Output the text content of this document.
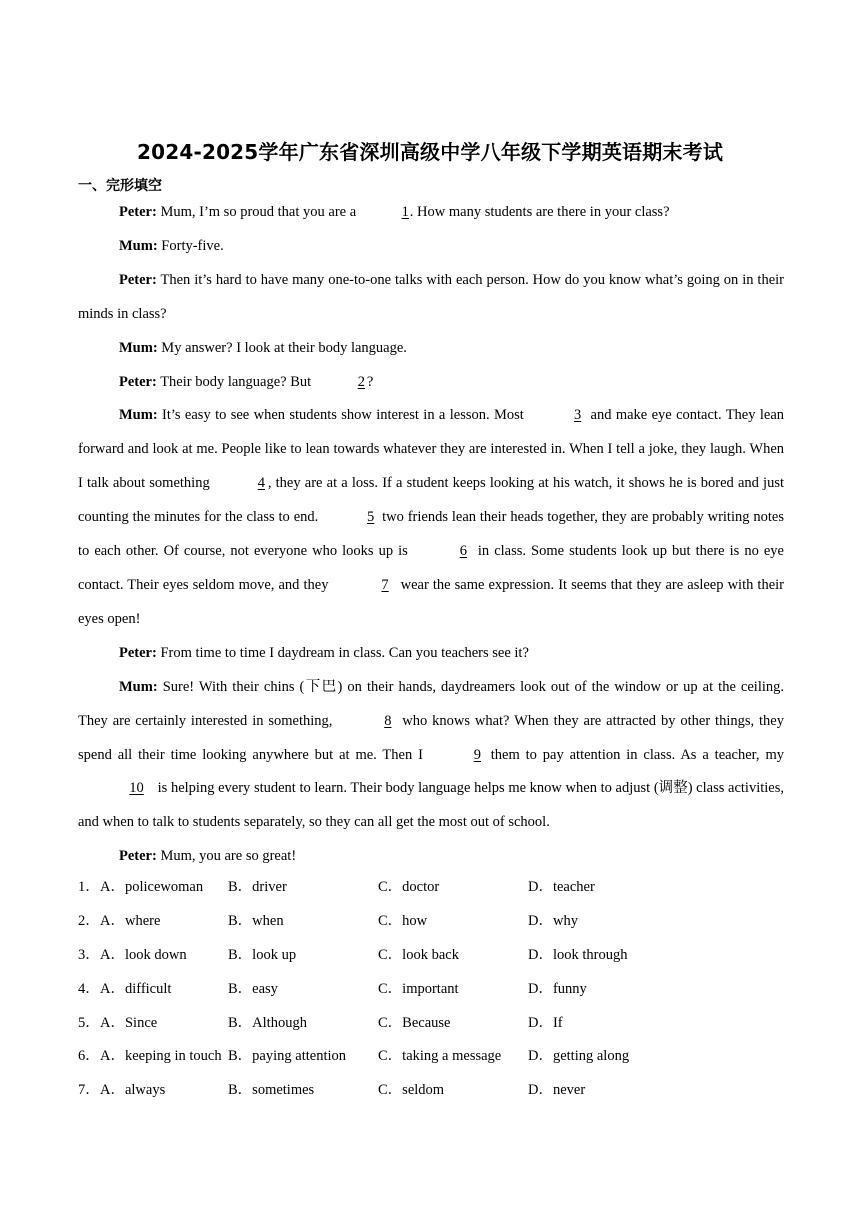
2024-2025学年广东省深圳高级中学八年级下学期英语期末考试
一、完形填空

Peter: Mum, I’m so proud that you are a	1. How many students are there in your class?

Mum: Forty-five.

Peter: Then it’s hard to have many one-to-one talks with each person. How do you know what’s going on in their minds in class?

Mum: My answer? I look at their body language.

Peter: Their body language? But	2 ?

Mum: It’s easy to see when students show interest in a lesson. Most	3 and make eye contact. They lean forward and look at me. People like to lean towards whatever they are interested in. When I tell a joke, they laugh. When I talk about something	4 , they are at a loss. If a student keeps looking at his watch, it shows he is bored and just counting the minutes for the class to end.	5 two friends lean their heads together, they are probably writing notes to each other. Of course, not everyone who looks up is	6 in class. Some students look up but there is no eye contact. Their eyes seldom move, and they	7 wear the same expression. It seems that they are asleep with their eyes open!

Peter: From time to time I daydream in class. Can you teachers see it?

Mum: Sure! With their chins (下巴) on their hands, daydreamers look out of the window or up at the ceiling. They are certainly interested in something,	8 who knows what? When they are attracted by other things, they spend all their time looking anywhere but at me. Then I	9 them to pay attention in class. As a teacher, my 10 is helping every student to learn. Their body language helps me know when to adjust (调整) class activities, and when to talk to students separately, so they can all get the most out of school.

Peter: Mum, you are so great!

1． A．policewoman B．driver	C．doctor	D．teacher
2． A．where	B．when	C．how	D．why
3． A．look down	B．look up	C．look back	D．look through
4． A．difficult	B．easy	C．important	D．funny
5． A．Since	B．Although	C．Because	D．If
6． A．keeping in touch B．paying attention C．taking a message D．getting along
7． A．always	B．sometimes	C．seldom	D．never
